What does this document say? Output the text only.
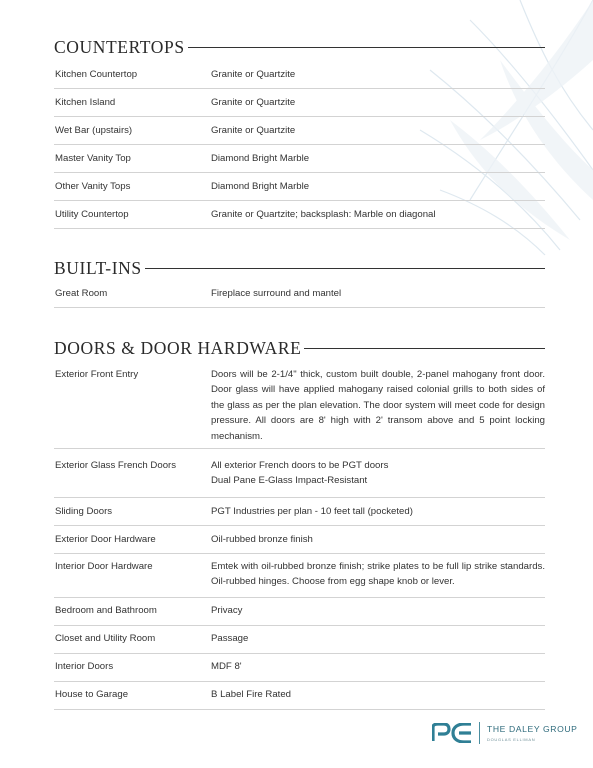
COUNTERTOPS
Kitchen Countertop	Granite or Quartzite
Kitchen Island	Granite or Quartzite
Wet Bar (upstairs)	Granite or Quartzite
Master Vanity Top	Diamond Bright Marble
Other Vanity Tops	Diamond Bright Marble
Utility Countertop	Granite or Quartzite; backsplash: Marble on diagonal
BUILT-INS
Great Room	Fireplace surround and mantel
DOORS & DOOR HARDWARE
Exterior Front Entry	Doors will be 2-1/4" thick, custom built double, 2-panel mahogany front door. Door glass will have applied mahogany raised colonial grills to both sides of the glass as per the plan elevation. The door system will meet code for design pressure. All doors are 8' high with 2' transom above and 5 point locking mechanism.
Exterior Glass French Doors	All exterior French doors to be PGT doors
Dual Pane E-Glass Impact-Resistant
Sliding Doors	PGT Industries per plan - 10 feet tall (pocketed)
Exterior Door Hardware	Oil-rubbed bronze finish
Interior Door Hardware	Emtek with oil-rubbed bronze finish; strike plates to be full lip strike standards. Oil-rubbed hinges. Choose from egg shape knob or lever.
Bedroom and Bathroom	Privacy
Closet and Utility Room	Passage
Interior Doors	MDF 8'
House to Garage	B Label Fire Rated
THE DALEY GROUP
DOUGLAS ELLIMAN
